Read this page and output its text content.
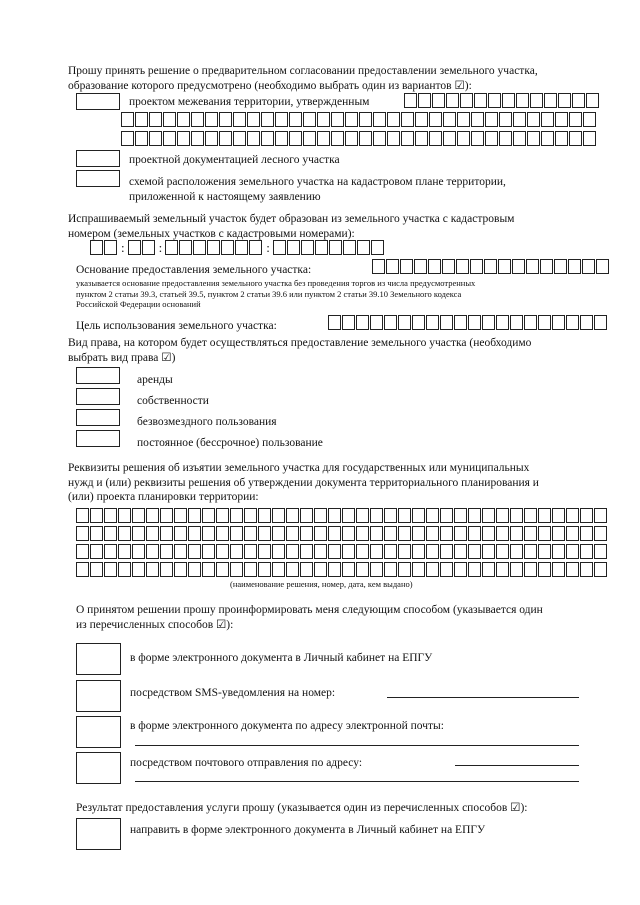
Прошу принять решение о предварительном согласовании предоставлении земельного участка,
образование которого предусмотрено (необходимо выбрать один из вариантов ☑):
проектом межевания территории, утвержденным
проектной документацией лесного участка
схемой расположения земельного участка на кадастровом плане территории,
приложенной к настоящему заявлению
Испрашиваемый земельный участок будет образован из земельного участка с кадастровым
номером (земельных участков с кадастровыми номерами):
:	:	:
Основание предоставления земельного участка:
указывается основание предоставления земельного участка без проведения торгов из числа предусмотренных
пунктом 2 статьи 39.3, статьей 39.5, пунктом 2 статьи 39.6 или пунктом 2 статьи 39.10 Земельного кодекса
Российской Федерации оснований
Цель использования земельного участка:
Вид права, на котором будет осуществляться предоставление земельного участка (необходимо
выбрать вид права ☑)
аренды
собственности
безвозмездного пользования
постоянное (бессрочное) пользование
Реквизиты решения об изъятии земельного участка для государственных или муниципальных
нужд и (или) реквизиты решения об утверждении документа территориального планирования и
(или) проекта планировки территории:
(наименование решения, номер, дата, кем выдано)
О принятом решении прошу проинформировать меня следующим способом (указывается один
из перечисленных способов ☑):
в форме электронного документа в Личный кабинет на ЕПГУ
посредством SMS-уведомления на номер:
в форме электронного документа по адресу электронной почты:
посредством почтового отправления по адресу:
Результат предоставления услуги прошу (указывается один из перечисленных способов ☑):
направить в форме электронного документа в Личный кабинет на ЕПГУ
